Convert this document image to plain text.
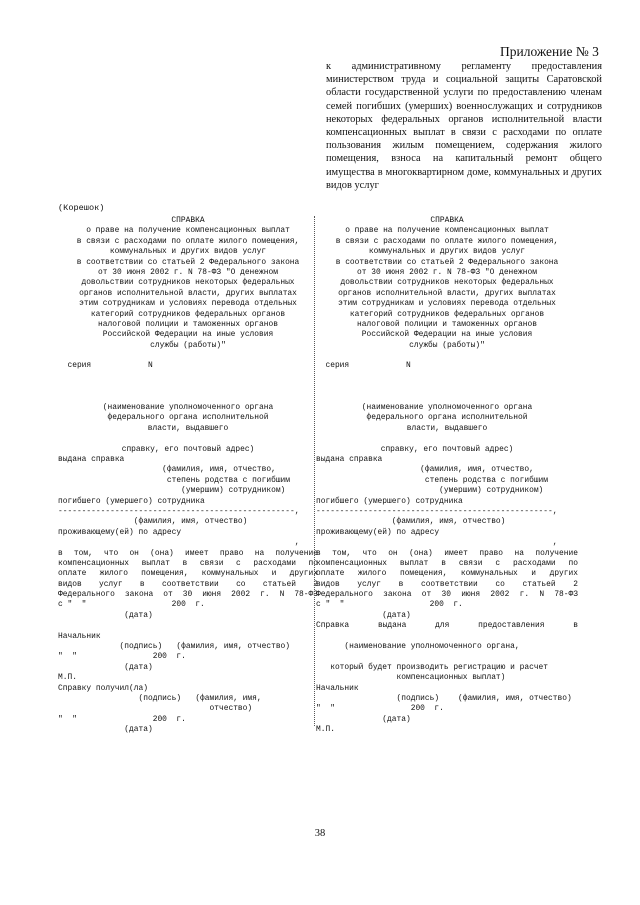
Приложение № 3
к административному регламенту предоставления министерством труда и социальной защиты Саратовской области государственной услуги по предоставлению членам семей погибших (умерших) военнослужащих и сотрудников некоторых федеральных органов исполнительной власти компенсационных выплат в связи с расходами по оплате пользования жилым помещением, содержания жилого помещения, взноса на капитальный ремонт общего имущества в многоквартирном доме, коммунальных и других видов услуг
(Корешок)
СПРАВКА
о праве на получение компенсационных выплат
в связи с расходами по оплате жилого помещения,
коммунальных и других видов услуг
в соответствии со статьей 2 Федерального закона
от 30 июня 2002 г. N 78-ФЗ "О денежном
довольствии сотрудников некоторых федеральных
органов исполнительной власти, других выплатах
этим сотрудникам и условиях перевода отдельных
категорий сотрудников федеральных органов
налоговой полиции и таможенных органов
Российской Федерации на иные условия
службы (работы)"
серия            N
(наименование уполномоченного органа
федерального органа исполнительной
власти, выдавшего
справку, его почтовый адрес)
выдана справка
(фамилия, имя, отчество,
степень родства с погибшим
(умершим) сотрудником)
погибшего (умершего) сотрудника
--------------------------------------------------,
(фамилия, имя, отчество)
проживающему(ей) по адресу
,
в том, что он (она) имеет право на получение
компенсационных выплат в связи с расходами по
оплате жилого помещения, коммунальных и других
видов услуг в соответствии со статьей 2
Федерального закона от 30 июня 2002 г. N 78-ФЗ
с "  "                  200  г.
(дата)
Начальник
(подпись)   (фамилия, имя, отчество)
"  "                200  г.
(дата)
М.П.
Справку получил(ла)
(подпись)   (фамилия, имя,
отчество)
"  "                200  г.
(дата)
СПРАВКА
о праве на получение компенсационных выплат
в связи с расходами по оплате жилого помещения,
коммунальных и других видов услуг
в соответствии со статьей 2 Федерального закона
от 30 июня 2002 г. N 78-ФЗ "О денежном
довольствии сотрудников некоторых федеральных
органов исполнительной власти, других выплатах
этим сотрудникам и условиях перевода отдельных
категорий сотрудников федеральных органов
налоговой полиции и таможенных органов
Российской Федерации на иные условия
службы (работы)"
серия            N
(наименование уполномоченного органа
федерального органа исполнительной
власти, выдавшего
справку, его почтовый адрес)
выдана справка
(фамилия, имя, отчество,
степень родства с погибшим
(умершим) сотрудником)
погибшего (умершего) сотрудника
--------------------------------------------------,
(фамилия, имя, отчество)
проживающему(ей) по адресу
,
в том, что он (она) имеет право на получение
компенсационных выплат в связи с расходами по
оплате жилого помещения, коммунальных и других
видов услуг в соответствии со статьей 2
Федерального закона от 30 июня 2002 г. N 78-ФЗ
с "  "                  200  г.
(дата)
Справка выдана для предоставления в
(наименование уполномоченного органа,
который будет производить регистрацию и расчет
компенсационных выплат)
Начальник
(подпись)    (фамилия, имя, отчество)
"  "                200  г.
(дата)
М.П.
38
